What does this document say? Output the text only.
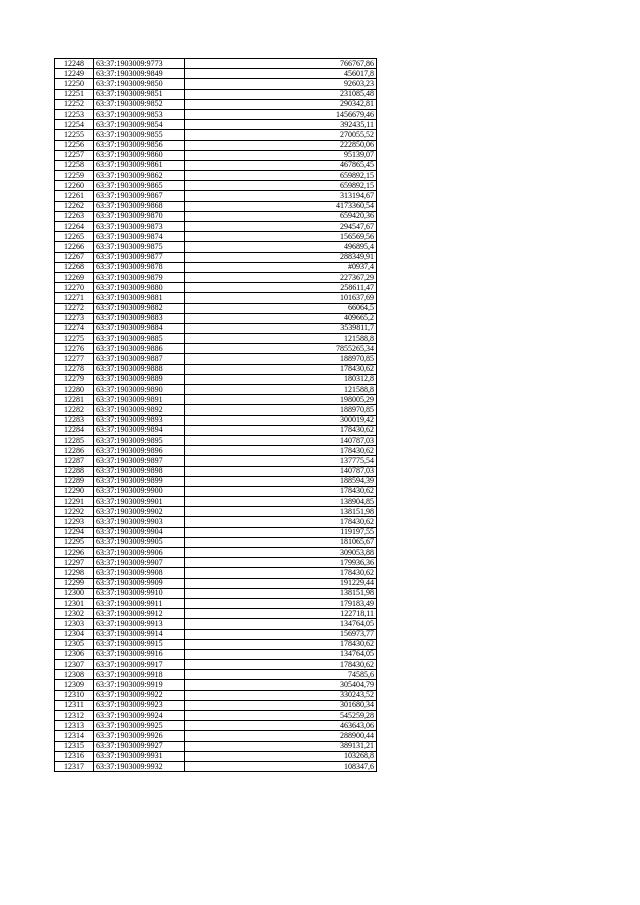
12248	63:37:1903009:9773	766767,86
12249	63:37:1903009:9849	456017,8
12250	63:37:1903009:9850	92603,23
12251	63:37:1903009:9851	231085,48
12252	63:37:1903009:9852	290342,81
12253	63:37:1903009:9853	1456679,46
12254	63:37:1903009:9854	392435,11
12255	63:37:1903009:9855	270055,52
12256	63:37:1903009:9856	222850,06
12257	63:37:1903009:9860	95139,07
12258	63:37:1903009:9861	467865,45
12259	63:37:1903009:9862	659892,15
12260	63:37:1903009:9865	659892,15
12261	63:37:1903009:9867	313194,67
12262	63:37:1903009:9868	4173360,54
12263	63:37:1903009:9870	659420,36
12264	63:37:1903009:9873	294547,67
12265	63:37:1903009:9874	156569,56
12266	63:37:1903009:9875	496895,4
12267	63:37:1903009:9877	288349,91
12268	63:37:1903009:9878	#0937,4
12269	63:37:1903009:9879	227367,29
12270	63:37:1903009:9880	258611,47
12271	63:37:1903009:9881	101637,69
12272	63:37:1903009:9882	66064,5
12273	63:37:1903009:9883	409665,2
12274	63:37:1903009:9884	3539811,7
12275	63:37:1903009:9885	121588,8
12276	63:37:1903009:9886	7855265,34
12277	63:37:1903009:9887	188970,85
12278	63:37:1903009:9888	178430,62
12279	63:37:1903009:9889	180312,8
12280	63:37:1903009:9890	121588,8
12281	63:37:1903009:9891	198005,29
12282	63:37:1903009:9892	188970,85
12283	63:37:1903009:9893	300019,42
12284	63:37:1903009:9894	178430,62
12285	63:37:1903009:9895	140787,03
12286	63:37:1903009:9896	178430,62
12287	63:37:1903009:9897	137775,54
12288	63:37:1903009:9898	140787,03
12289	63:37:1903009:9899	188594,39
12290	63:37:1903009:9900	178430,62
12291	63:37:1903009:9901	138904,85
12292	63:37:1903009:9902	138151,98
12293	63:37:1903009:9903	178430,62
12294	63:37:1903009:9904	119197,55
12295	63:37:1903009:9905	181065,67
12296	63:37:1903009:9906	309053,88
12297	63:37:1903009:9907	179936,36
12298	63:37:1903009:9908	178430,62
12299	63:37:1903009:9909	191229,44
12300	63:37:1903009:9910	138151,98
12301	63:37:1903009:9911	179183,49
12302	63:37:1903009:9912	122718,11
12303	63:37:1903009:9913	134764,05
12304	63:37:1903009:9914	156973,77
12305	63:37:1903009:9915	178430,62
12306	63:37:1903009:9916	134764,05
12307	63:37:1903009:9917	178430,62
12308	63:37:1903009:9918	74585,6
12309	63:37:1903009:9919	305404,79
12310	63:37:1903009:9922	330243,52
12311	63:37:1903009:9923	301680,34
12312	63:37:1903009:9924	545259,28
12313	63:37:1903009:9925	463643,06
12314	63:37:1903009:9926	288900,44
12315	63:37:1903009:9927	389131,21
12316	63:37:1903009:9931	103268,8
12317	63:37:1903009:9932	108347,6
